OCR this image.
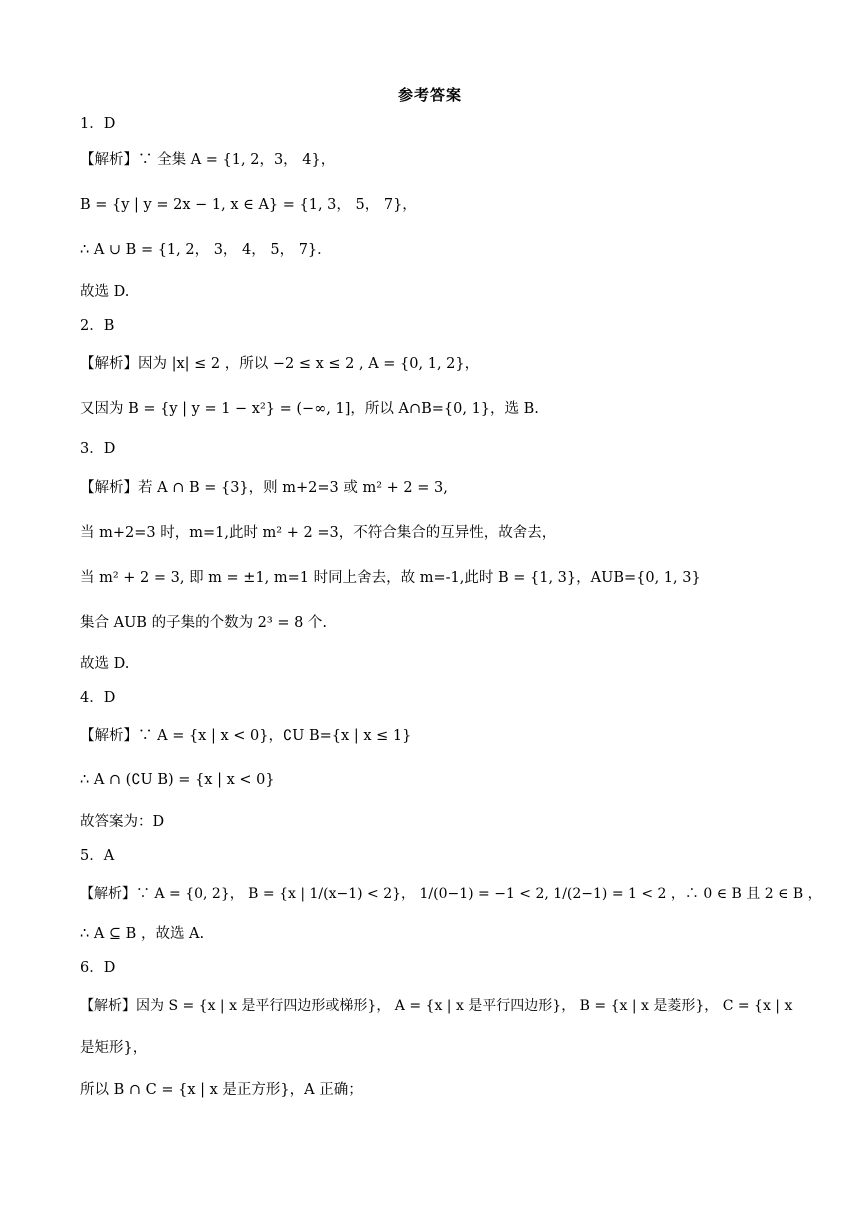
参考答案
1．D
【解析】∵ 全集 A = {1, 2，3， 4}，
B = {y | y = 2x − 1, x ∈ A} = {1, 3， 5， 7}，
∴ A ∪ B = {1, 2， 3， 4， 5， 7}．
故选 D.
2．B
【解析】因为 |x| ≤ 2 ，所以 −2 ≤ x ≤ 2 , A = {0, 1, 2}，
又因为 B = {y | y = 1 − x²} = (−∞, 1]，所以 A∩B={0, 1}，选 B.
3．D
【解析】若 A ∩ B = {3}，则 m+2=3 或 m² + 2 = 3,
当 m+2=3 时，m=1,此时 m² + 2 =3，不符合集合的互异性，故舍去，
当 m² + 2 = 3, 即 m = ±1, m=1 时同上舍去，故 m=-1,此时 B = {1, 3}，AUB={0, 1, 3}
集合 AUB 的子集的个数为 2³ = 8 个.
故选 D.
4．D
【解析】∵ A = {x | x < 0}，∁U B={x | x ≤ 1}
∴ A ∩ (∁U B) = {x | x < 0}
故答案为：D
5．A
【解析】∵ A = {0, 2}， B = {x | 1/(x−1) < 2}， 1/(0−1) = −1 < 2, 1/(2−1) = 1 < 2 ，∴ 0 ∈ B 且 2 ∈ B ，
∴ A ⊆ B ，故选 A.
6．D
【解析】因为 S = {x | x 是平行四边形或梯形}， A = {x | x 是平行四边形}， B = {x | x 是菱形}， C = {x | x
是矩形}，
所以 B ∩ C = {x | x 是正方形}，A 正确；
